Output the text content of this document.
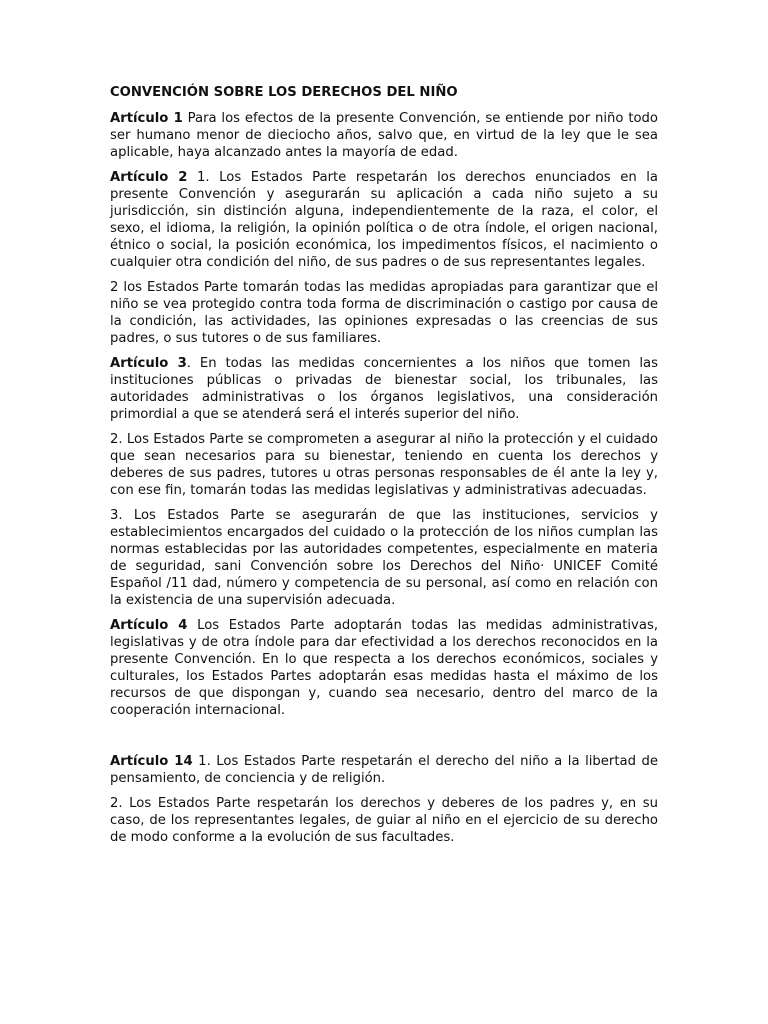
CONVENCIÓN SOBRE LOS DERECHOS DEL NIÑO

Artículo 1 Para los efectos de la presente Convención, se entiende por niño todo ser humano menor de dieciocho años, salvo que, en virtud de la ley que le sea aplicable, haya alcanzado antes la mayoría de edad.

Artículo 2 1. Los Estados Parte respetarán los derechos enunciados en la presente Convención y asegurarán su aplicación a cada niño sujeto a su jurisdicción, sin distinción alguna, independientemente de la raza, el color, el sexo, el idioma, la religión, la opinión política o de otra índole, el origen nacional, étnico o social, la posición económica, los impedimentos físicos, el nacimiento o cualquier otra condición del niño, de sus padres o de sus representantes legales.

2 los Estados Parte tomarán todas las medidas apropiadas para garantizar que el niño se vea protegido contra toda forma de discriminación o castigo por causa de la condición, las actividades, las opiniones expresadas o las creencias de sus padres, o sus tutores o de sus familiares.

Artículo 3. En todas las medidas concernientes a los niños que tomen las instituciones públicas o privadas de bienestar social, los tribunales, las autoridades administrativas o los órganos legislativos, una consideración primordial a que se atenderá será el interés superior del niño.

2. Los Estados Parte se comprometen a asegurar al niño la protección y el cuidado que sean necesarios para su bienestar, teniendo en cuenta los derechos y deberes de sus padres, tutores u otras personas responsables de él ante la ley y, con ese fin, tomarán todas las medidas legislativas y administrativas adecuadas.

3. Los Estados Parte se asegurarán de que las instituciones, servicios y establecimientos encargados del cuidado o la protección de los niños cumplan las normas establecidas por las autoridades competentes, especialmente en materia de seguridad, sani Convención sobre los Derechos del Niño· UNICEF Comité Español /11 dad, número y competencia de su personal, así como en relación con la existencia de una supervisión adecuada.

Artículo 4 Los Estados Parte adoptarán todas las medidas administrativas, legislativas y de otra índole para dar efectividad a los derechos reconocidos en la presente Convención. En lo que respecta a los derechos económicos, sociales y culturales, los Estados Partes adoptarán esas medidas hasta el máximo de los recursos de que dispongan y, cuando sea necesario, dentro del marco de la cooperación internacional.

Artículo 14 1. Los Estados Parte respetarán el derecho del niño a la libertad de pensamiento, de conciencia y de religión.

2. Los Estados Parte respetarán los derechos y deberes de los padres y, en su caso, de los representantes legales, de guiar al niño en el ejercicio de su derecho de modo conforme a la evolución de sus facultades.
